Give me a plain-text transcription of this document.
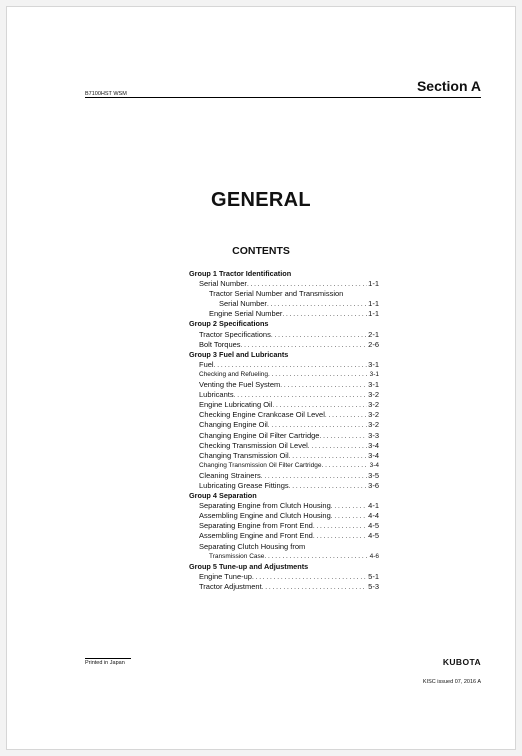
B7100HST WSM	Section A
GENERAL
CONTENTS
Group 1 Tractor Identification
Serial Number . . .	1-1
Tractor Serial Number and Transmission
Serial Number . . .	1-1
Engine Serial Number . . .	1-1
Group 2 Specifications
Tractor Specifications . . .	2-1
Bolt Torques . . .	2-6
Group 3 Fuel and Lubricants
Fuel . . .	3-1
Checking and Refueling . . .	3-1
Venting the Fuel System . . .	3-1
Lubricants . . .	3-2
Engine Lubricating Oil . . .	3-2
Checking Engine Crankcase Oil Level . . .	3-2
Changing Engine Oil . . .	3-2
Changing Engine Oil Filter Cartridge . . .	3-3
Checking Transmission Oil Level . . .	3-4
Changing Transmission Oil . . .	3-4
Changing Transmission Oil Filter Cartridge . . .	3-4
Cleaning Strainers . . .	3-5
Lubricating Grease Fittings . . .	3-6
Group 4 Separation
Separating Engine from Clutch Housing . . .	4-1
Assembling Engine and Clutch Housing . . .	4-4
Separating Engine from Front End . . .	4-5
Assembling Engine and Front End . . .	4-5
Separating Clutch Housing from
Transmission Case . . .	4-6
Group 5 Tune-up and Adjustments
Engine Tune-up . . .	5-1
Tractor Adjustment . . .	5-3
Printed in Japan	KUBOTA
KISC issued 07, 2016 A
